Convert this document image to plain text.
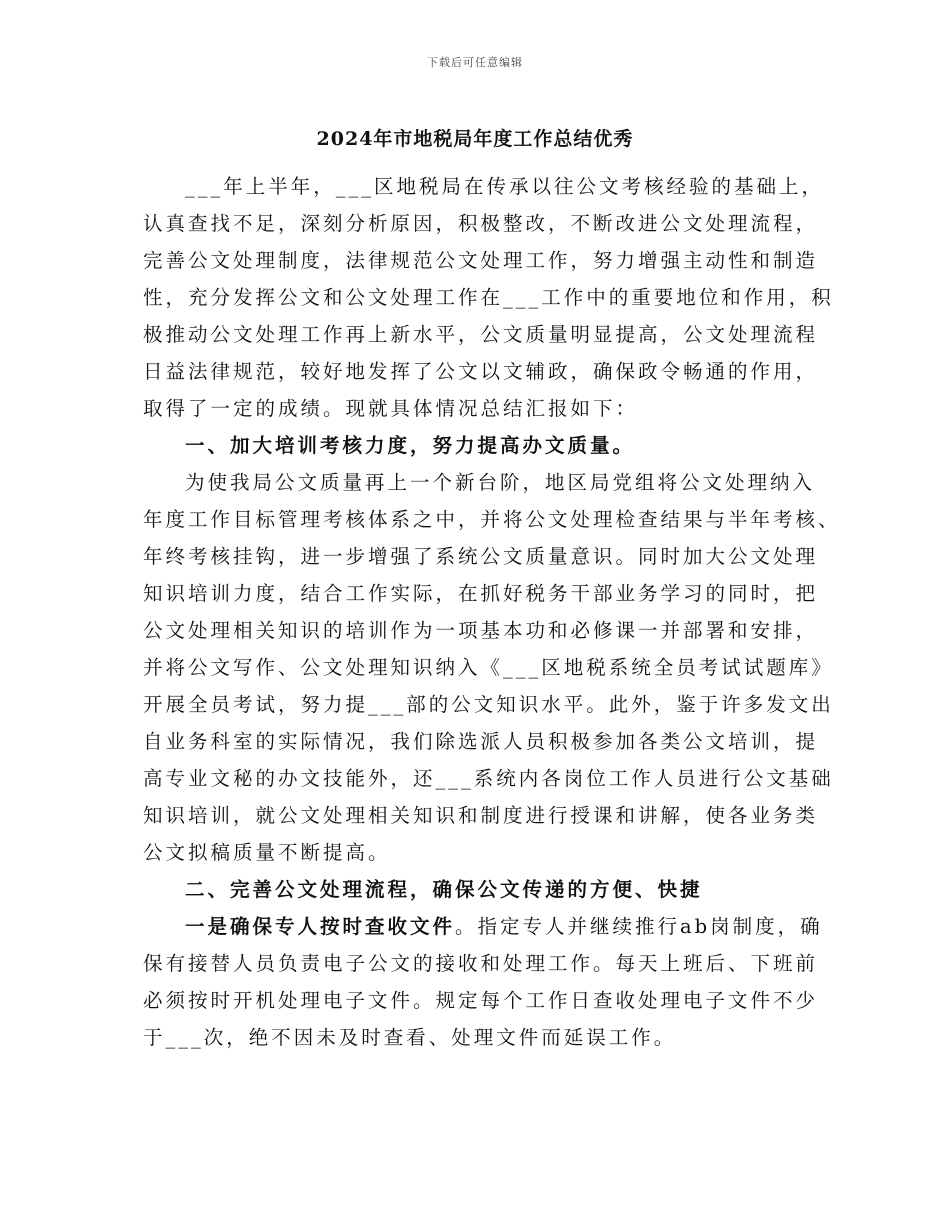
下载后可任意编辑
2024年市地税局年度工作总结优秀
___年上半年，___区地税局在传承以往公文考核经验的基础上，
认真查找不足，深刻分析原因，积极整改，不断改进公文处理流程，
完善公文处理制度，法律规范公文处理工作，努力增强主动性和制造
性，充分发挥公文和公文处理工作在___工作中的重要地位和作用，积
极推动公文处理工作再上新水平，公文质量明显提高，公文处理流程
日益法律规范，较好地发挥了公文以文辅政，确保政令畅通的作用，
取得了一定的成绩。现就具体情况总结汇报如下：
一、加大培训考核力度，努力提高办文质量。
为使我局公文质量再上一个新台阶，地区局党组将公文处理纳入
年度工作目标管理考核体系之中，并将公文处理检查结果与半年考核、
年终考核挂钩，进一步增强了系统公文质量意识。同时加大公文处理
知识培训力度，结合工作实际，在抓好税务干部业务学习的同时，把
公文处理相关知识的培训作为一项基本功和必修课一并部署和安排，
并将公文写作、公文处理知识纳入《___区地税系统全员考试试题库》
开展全员考试，努力提___部的公文知识水平。此外，鉴于许多发文出
自业务科室的实际情况，我们除选派人员积极参加各类公文培训，提
高专业文秘的办文技能外，还___系统内各岗位工作人员进行公文基础
知识培训，就公文处理相关知识和制度进行授课和讲解，使各业务类
公文拟稿质量不断提高。
二、完善公文处理流程，确保公文传递的方便、快捷
一是确保专人按时查收文件。指定专人并继续推行ab岗制度，确
保有接替人员负责电子公文的接收和处理工作。每天上班后、下班前
必须按时开机处理电子文件。规定每个工作日查收处理电子文件不少
于___次，绝不因未及时查看、处理文件而延误工作。
